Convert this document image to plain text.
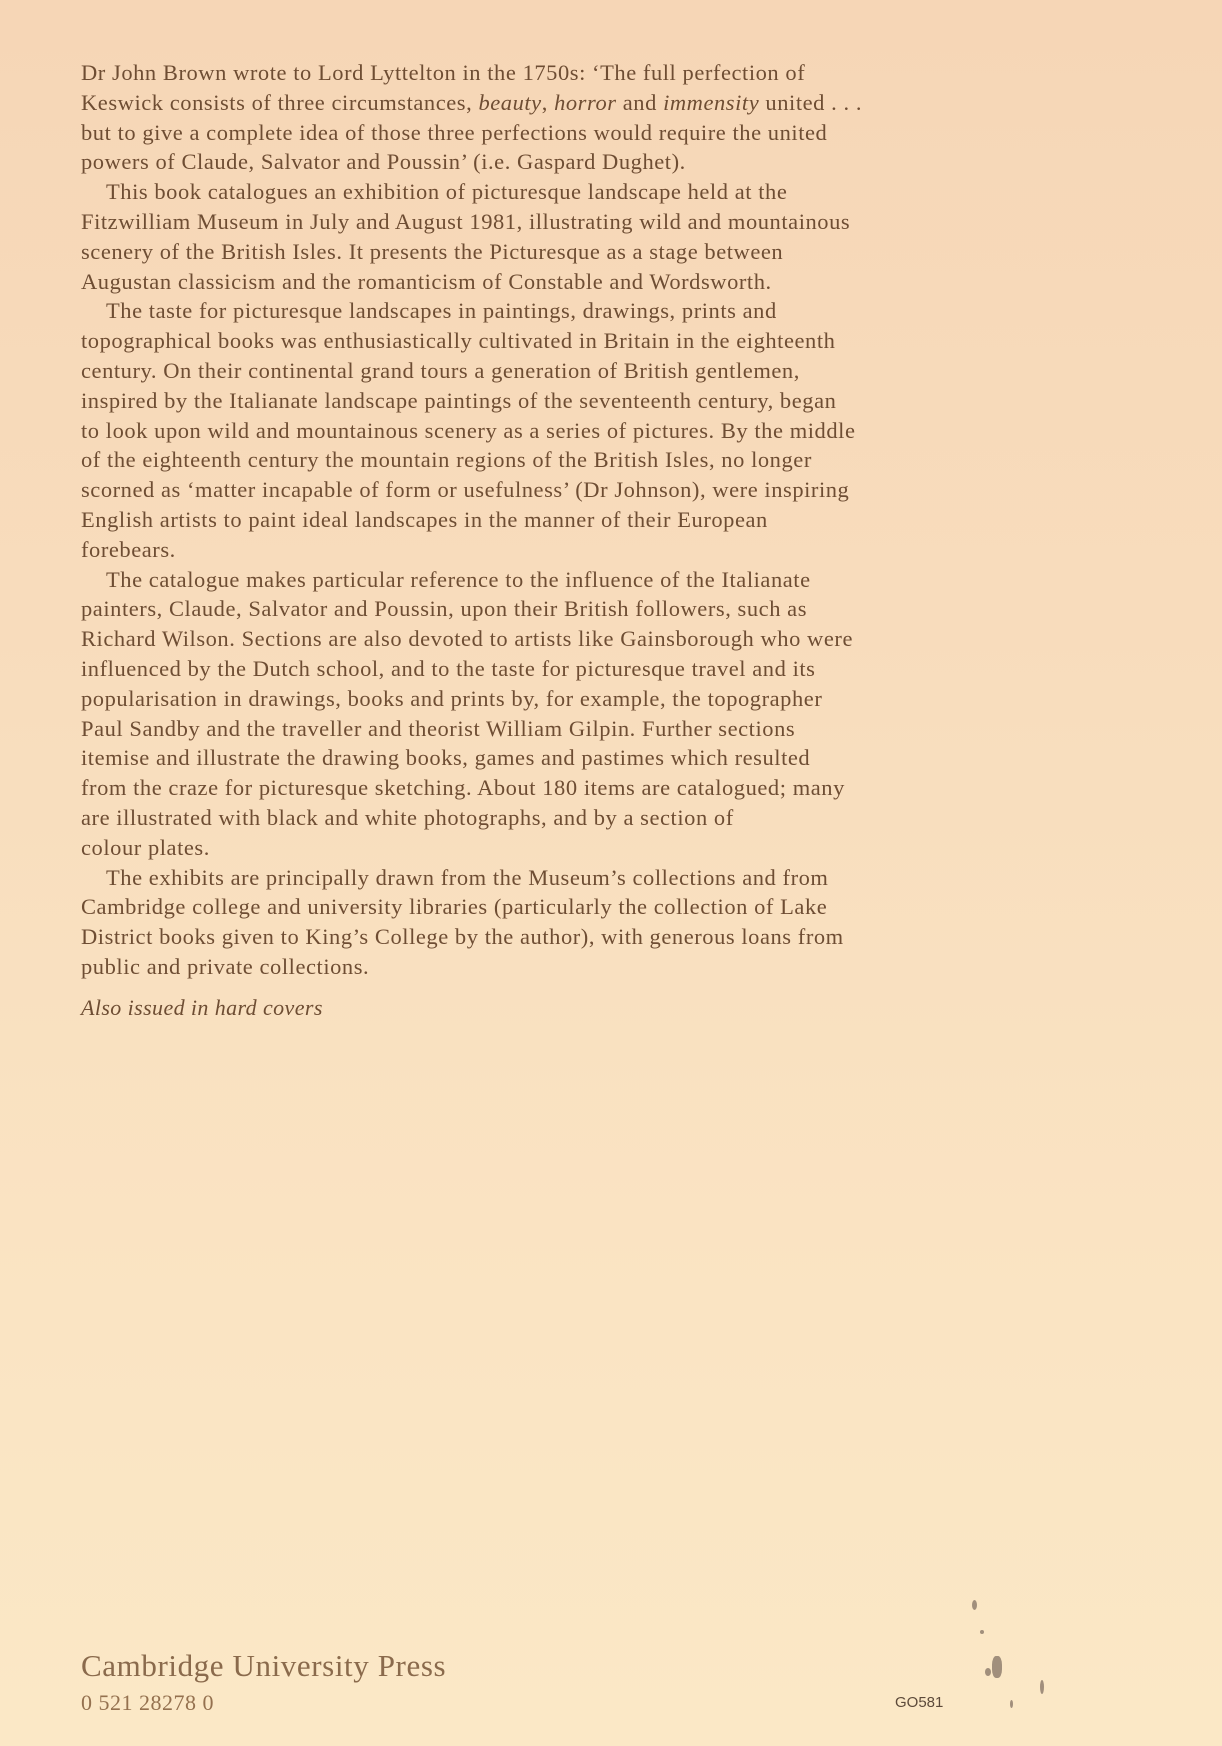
Dr John Brown wrote to Lord Lyttelton in the 1750s: ‘The full perfection of
Keswick consists of three circumstances, beauty, horror and immensity united . . .
but to give a complete idea of those three perfections would require the united
powers of Claude, Salvator and Poussin’ (i.e. Gaspard Dughet).
This book catalogues an exhibition of picturesque landscape held at the
Fitzwilliam Museum in July and August 1981, illustrating wild and mountainous
scenery of the British Isles. It presents the Picturesque as a stage between
Augustan classicism and the romanticism of Constable and Wordsworth.
The taste for picturesque landscapes in paintings, drawings, prints and
topographical books was enthusiastically cultivated in Britain in the eighteenth
century. On their continental grand tours a generation of British gentlemen,
inspired by the Italianate landscape paintings of the seventeenth century, began
to look upon wild and mountainous scenery as a series of pictures. By the middle
of the eighteenth century the mountain regions of the British Isles, no longer
scorned as ‘matter incapable of form or usefulness’ (Dr Johnson), were inspiring
English artists to paint ideal landscapes in the manner of their European
forebears.
The catalogue makes particular reference to the influence of the Italianate
painters, Claude, Salvator and Poussin, upon their British followers, such as
Richard Wilson. Sections are also devoted to artists like Gainsborough who were
influenced by the Dutch school, and to the taste for picturesque travel and its
popularisation in drawings, books and prints by, for example, the topographer
Paul Sandby and the traveller and theorist William Gilpin. Further sections
itemise and illustrate the drawing books, games and pastimes which resulted
from the craze for picturesque sketching. About 180 items are catalogued; many
are illustrated with black and white photographs, and by a section of
colour plates.
The exhibits are principally drawn from the Museum’s collections and from
Cambridge college and university libraries (particularly the collection of Lake
District books given to King’s College by the author), with generous loans from
public and private collections.
Also issued in hard covers
Cambridge University Press
0 521 28278 0	GO581
